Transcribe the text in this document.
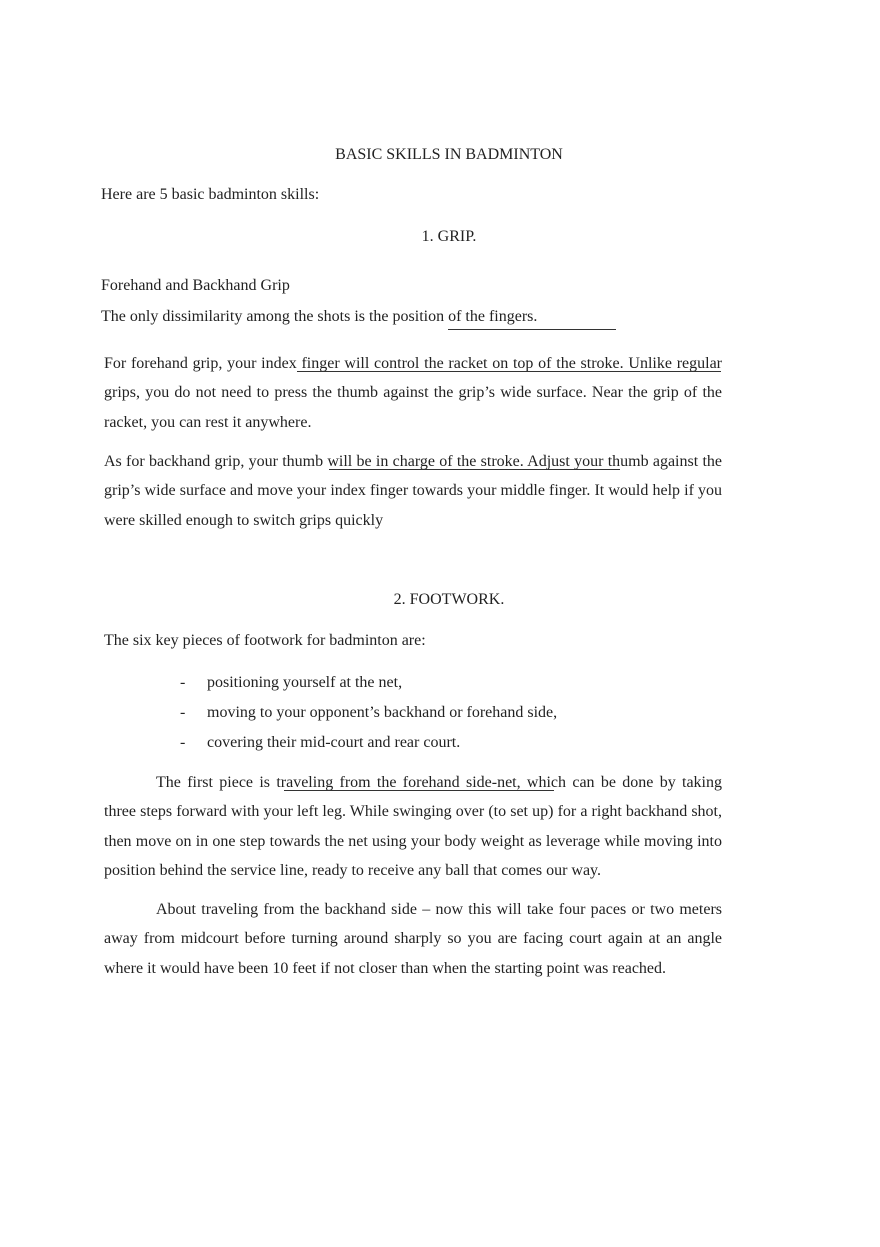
BASIC SKILLS IN BADMINTON
Here are 5 basic badminton skills:
1. GRIP.
Forehand and Backhand Grip
The only dissimilarity among the shots is the position of the fingers.

For forehand grip, your index finger will control the racket on top of the stroke. Unlike regular grips, you do not need to press the thumb against the grip’s wide surface. Near the grip of the racket, you can rest it anywhere.

As for backhand grip, your thumb will be in charge of the stroke. Adjust your thumb against the grip’s wide surface and move your index finger towards your middle finger. It would help if you were skilled enough to switch grips quickly

2. FOOTWORK.
The six key pieces of footwork for badminton are:
- positioning yourself at the net,
- moving to your opponent’s backhand or forehand side,
- covering their mid-court and rear court.

The first piece is traveling from the forehand side-net, which can be done by taking three steps forward with your left leg. While swinging over (to set up) for a right backhand shot, then move on in one step towards the net using your body weight as leverage while moving into position behind the service line, ready to receive any ball that comes our way.

About traveling from the backhand side – now this will take four paces or two meters away from midcourt before turning around sharply so you are facing court again at an angle where it would have been 10 feet if not closer than when the starting point was reached.
